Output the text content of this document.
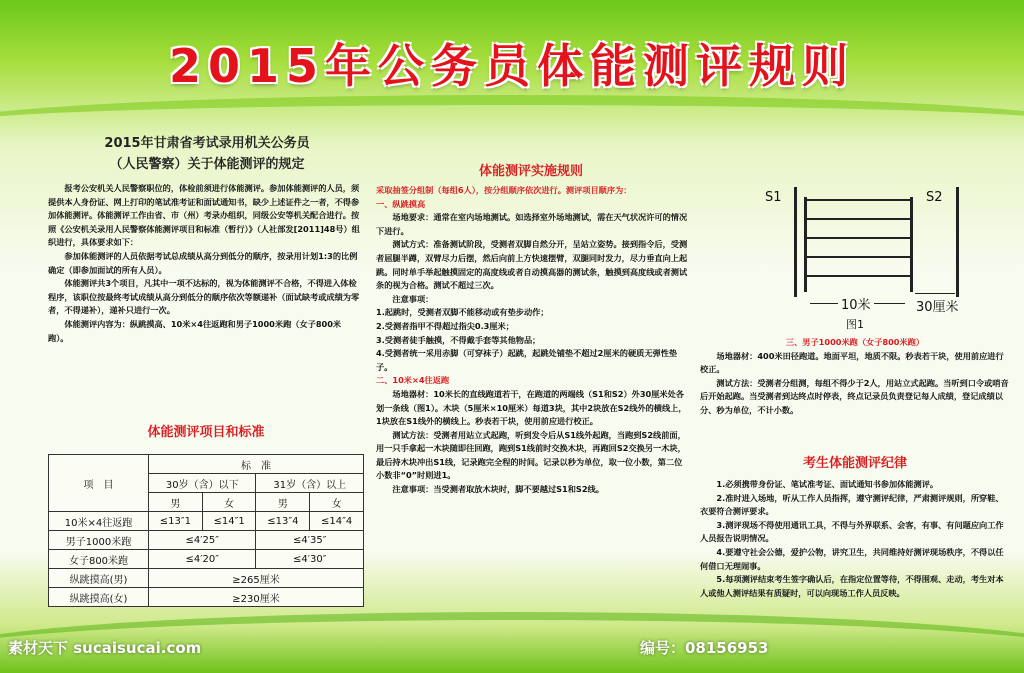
2015年公务员体能测评规则
2015年甘肃省考试录用机关公务员
（人民警察）关于体能测评的规定

报考公安机关人民警察职位的，体检前须进行体能测评。参加体能测评的人员，须提供本人身份证、网上打印的笔试准考证和面试通知书，缺少上述证件之一者，不得参加体能测评。体能测评工作由省、市（州）考录办组织，同级公安等机关配合进行。按照《公安机关录用人民警察体能测评项目和标准（暂行）》（人社部发[2011]48号）组织进行，具体要求如下：

参加体能测评的人员依据考试总成绩从高分到低分的顺序，按录用计划1:3的比例确定（即参加面试的所有人员）。

体能测评共3个项目，凡其中一项不达标的，视为体能测评不合格，不得进入体检程序，该职位按最终考试成绩从高分到低分的顺序依次等额递补（面试缺考或成绩为零者，不得递补），递补只进行一次。

体能测评内容为：纵跳摸高、10米×4往返跑和男子1000米跑（女子800米跑）。

体能测评项目和标准
项　目	标　准			
	30岁（含）以下		31岁（含）以上	
	男	女	男	女
10米×4往返跑	≤13″1	≤14″1	≤13″4	≤14″4
男子1000米跑	≤4′25″		≤4′35″	
女子800米跑	≤4′20″		≤4′30″	
纵跳摸高(男)	≥265厘米			
纵跳摸高(女)	≥230厘米			
体能测评实施规则
采取抽签分组制（每组6人），按分组顺序依次进行。测评项目顺序为：
一、纵跳摸高

场地要求：通常在室内场地测试。如选择室外场地测试，需在天气状况许可的情况下进行。

测试方式：准备测试阶段，受测者双脚自然分开，呈站立姿势。接到指令后，受测者屈腿半蹲，双臂尽力后摆，然后向前上方快速摆臂，双腿同时发力，尽力垂直向上起跳。同时单手举起触摸固定的高度线或者自动摸高器的测试条，触摸到高度线或者测试条的视为合格。测试不超过三次。

注意事项：

1.起跳时，受测者双脚不能移动或有垫步动作；
2.受测者指甲不得超过指尖0.3厘米；
3.受测者徒手触摸，不得戴手套等其他物品；
4.受测者统一采用赤脚（可穿袜子）起跳，起跳处铺垫不超过2厘米的硬质无弹性垫子。
二、10米×4往返跑

场地器材：10米长的直线跑道若干，在跑道的两端线（S1和S2）外30厘米处各划一条线（图1）。木块（5厘米×10厘米）每道3块，其中2块放在S2线外的横线上，1块放在S1线外的横线上。秒表若干块，使用前应进行校正。

测试方法：受测者用站立式起跑，听到发令后从S1线外起跑，当跑到S2线前面，用一只手拿起一木块随即往回跑，跑到S1线前时交换木块，再跑回S2交换另一木块，最后持木块冲出S1线，记录跑完全程的时间。记录以秒为单位，取一位小数，第二位小数非“0”时则进1。

注意事项：当受测者取放木块时，脚不要越过S1和S2线。

S1	S2
10米	30厘米
图1
三、男子1000米跑（女子800米跑）

场地器材：400米田径跑道。地面平坦，地质不限。秒表若干块，使用前应进行校正。

测试方法：受测者分组测，每组不得少于2人，用站立式起跑。当听到口令或哨音后开始起跑。当受测者到达终点时停表，终点记录员负责登记每人成绩，登记成绩以分、秒为单位，不计小数。

考生体能测评纪律

1.必须携带身份证、笔试准考证、面试通知书参加体能测评。

2.准时进入场地，听从工作人员指挥，遵守测评纪律，严肃测评规则，所穿鞋、衣要符合测评要求。

3.测评现场不得使用通讯工具，不得与外界联系、会客，有事、有问题应向工作人员报告说明情况。

4.要遵守社会公德，爱护公物，讲究卫生，共同维持好测评现场秩序，不得以任何借口无理闹事。

5.每项测评结束考生签字确认后，在指定位置等待，不得围观、走动，考生对本人或他人测评结果有质疑时，可以向现场工作人员反映。

素材天下 sucaisucai.com	编号：08156953
